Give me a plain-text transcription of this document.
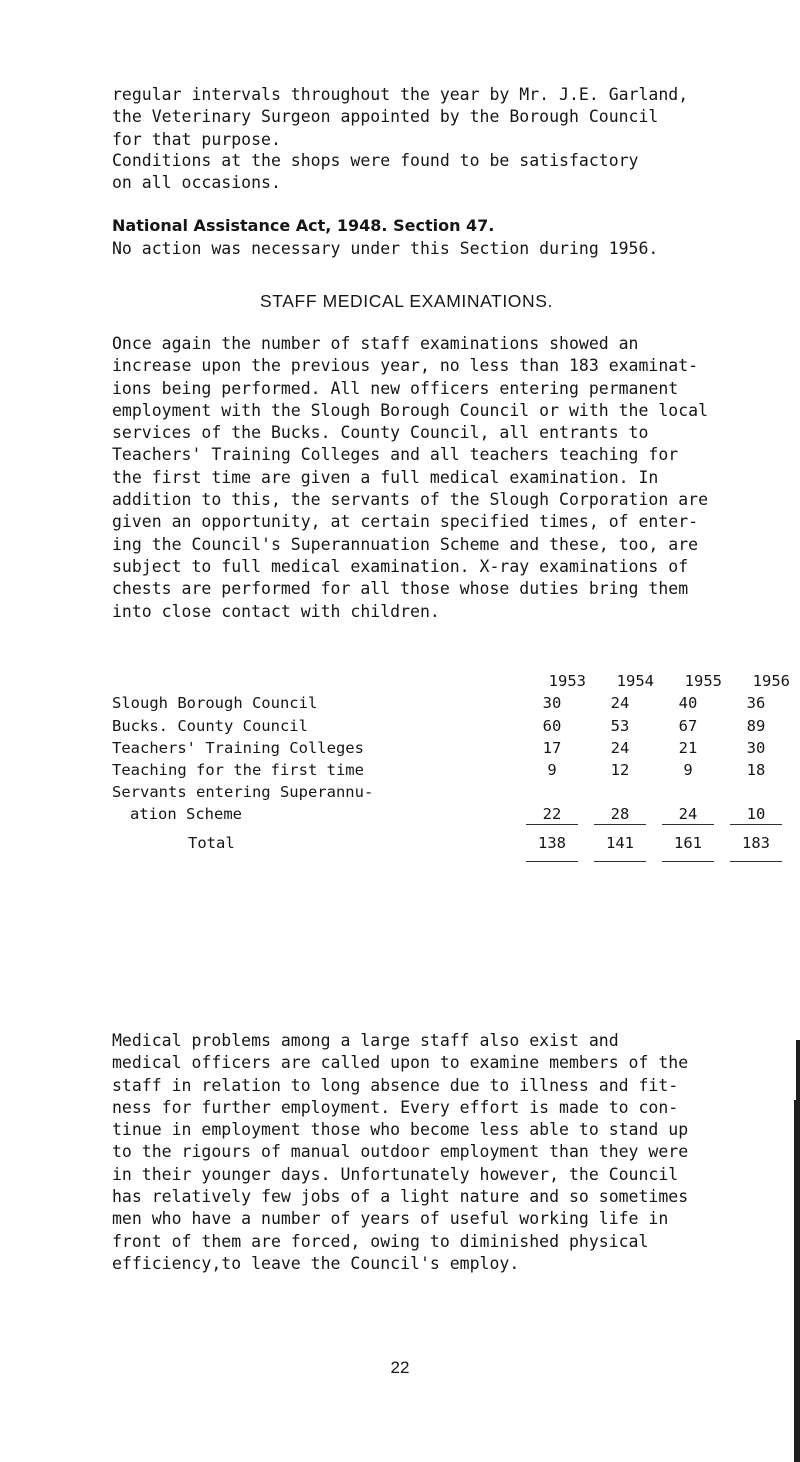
regular intervals throughout the year by Mr. J.E. Garland,
the Veterinary Surgeon appointed by the Borough Council
for that purpose.

Conditions at the shops were found to be satisfactory
on all occasions.

National Assistance Act, 1948. Section 47.

No action was necessary under this Section during 1956.

STAFF MEDICAL EXAMINATIONS.

Once again the number of staff examinations showed an
increase upon the previous year, no less than 183 examinat-
ions being performed. All new officers entering permanent
employment with the Slough Borough Council or with the local
services of the Bucks. County Council, all entrants to
Teachers' Training Colleges and all teachers teaching for
the first time are given a full medical examination. In
addition to this, the servants of the Slough Corporation are
given an opportunity, at certain specified times, of enter-
ing the Council's Superannuation Scheme and these, too, are
subject to full medical examination. X-ray examinations of
chests are performed for all those whose duties bring them
into close contact with children.

	1953	1954	1955	1956
Slough Borough Council	30	24	40	36
Bucks. County Council	60	53	67	89
Teachers' Training Colleges	17	24	21	30
Teaching for the first time	9	12	9	18
Servants entering Superannu-				
ation Scheme	22	28	24	10
Total	138	141	161	183

Medical problems among a large staff also exist and
medical officers are called upon to examine members of the
staff in relation to long absence due to illness and fit-
ness for further employment. Every effort is made to con-
tinue in employment those who become less able to stand up
to the rigours of manual outdoor employment than they were
in their younger days. Unfortunately however, the Council
has relatively few jobs of a light nature and so sometimes
men who have a number of years of useful working life in
front of them are forced, owing to diminished physical
efficiency,to leave the Council's employ.

22
